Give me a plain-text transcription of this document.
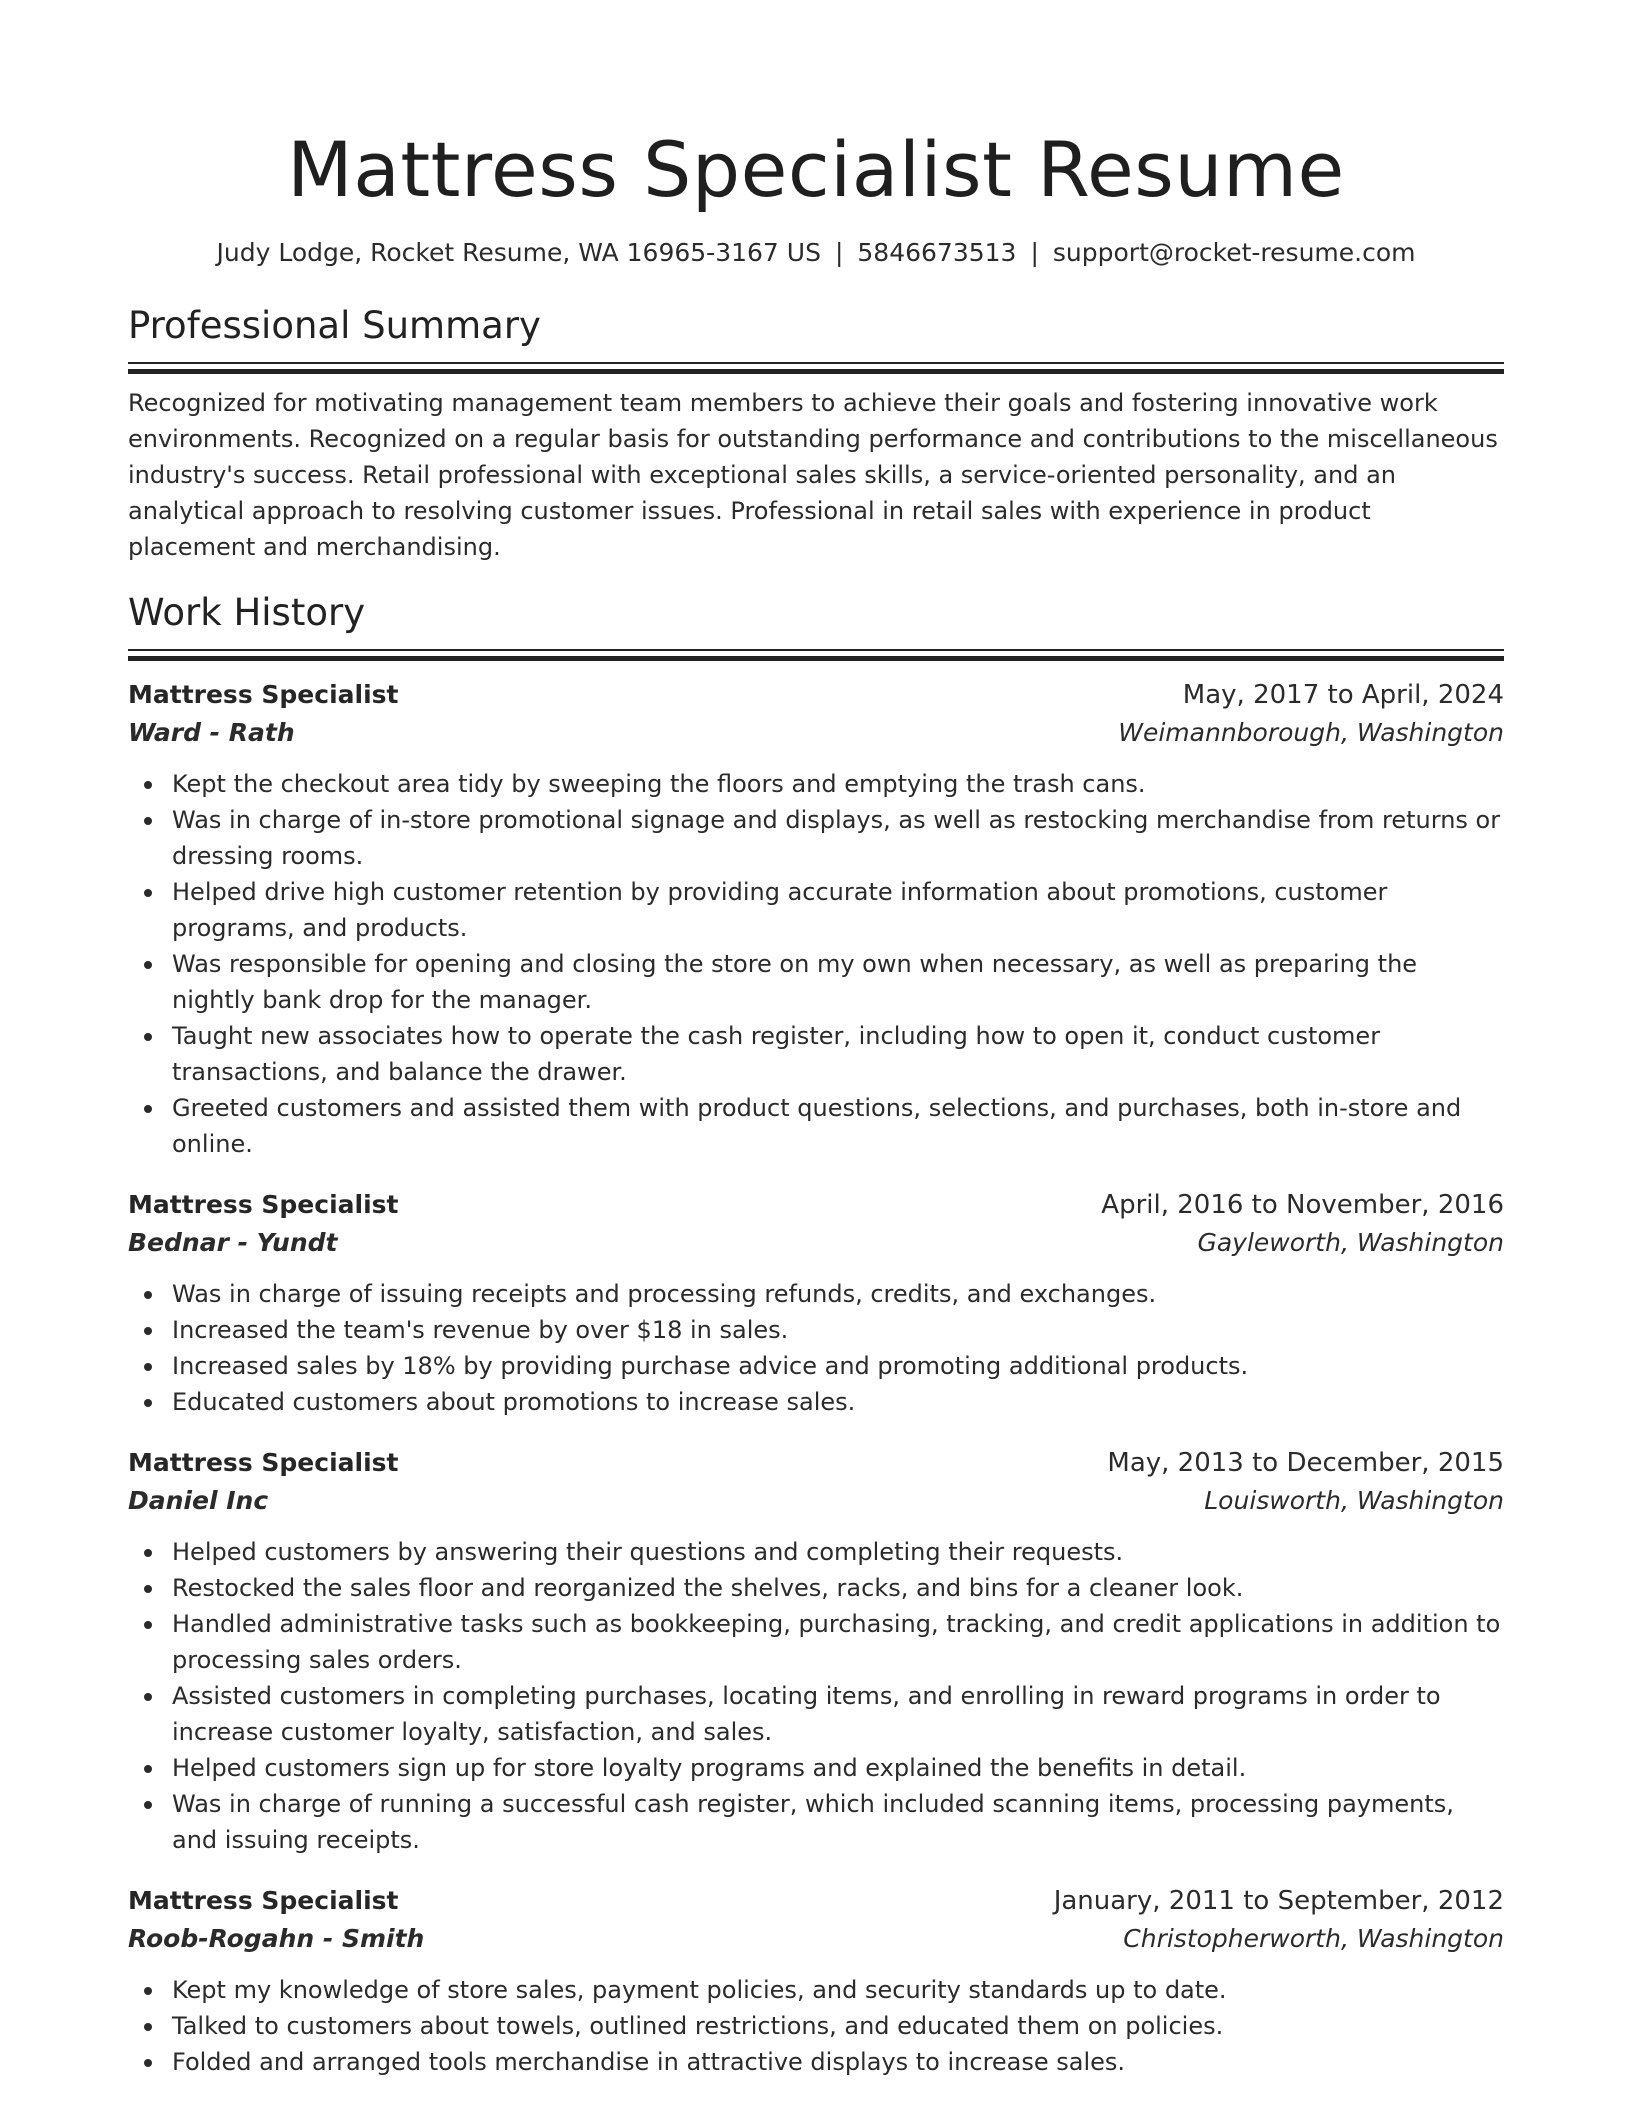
Mattress Specialist Resume
Judy Lodge, Rocket Resume, WA 16965-3167 US | 5846673513 | support@rocket-resume.com
Professional Summary

Recognized for motivating management team members to achieve their goals and fostering innovative work environments. Recognized on a regular basis for outstanding performance and contributions to the miscellaneous industry's success. Retail professional with exceptional sales skills, a service-oriented personality, and an analytical approach to resolving customer issues. Professional in retail sales with experience in product placement and merchandising.

Work History
Mattress Specialist	May, 2017 to April, 2024
Ward - Rath	Weimannborough, Washington
Kept the checkout area tidy by sweeping the floors and emptying the trash cans.
Was in charge of in-store promotional signage and displays, as well as restocking merchandise from returns or dressing rooms.
Helped drive high customer retention by providing accurate information about promotions, customer programs, and products.
Was responsible for opening and closing the store on my own when necessary, as well as preparing the nightly bank drop for the manager.
Taught new associates how to operate the cash register, including how to open it, conduct customer transactions, and balance the drawer.
Greeted customers and assisted them with product questions, selections, and purchases, both in-store and online.
Mattress Specialist	April, 2016 to November, 2016
Bednar - Yundt	Gayleworth, Washington
Was in charge of issuing receipts and processing refunds, credits, and exchanges.
Increased the team's revenue by over $18 in sales.
Increased sales by 18% by providing purchase advice and promoting additional products.
Educated customers about promotions to increase sales.
Mattress Specialist	May, 2013 to December, 2015
Daniel Inc	Louisworth, Washington
Helped customers by answering their questions and completing their requests.
Restocked the sales floor and reorganized the shelves, racks, and bins for a cleaner look.
Handled administrative tasks such as bookkeeping, purchasing, tracking, and credit applications in addition to processing sales orders.
Assisted customers in completing purchases, locating items, and enrolling in reward programs in order to increase customer loyalty, satisfaction, and sales.
Helped customers sign up for store loyalty programs and explained the benefits in detail.
Was in charge of running a successful cash register, which included scanning items, processing payments, and issuing receipts.
Mattress Specialist	January, 2011 to September, 2012
Roob-Rogahn - Smith	Christopherworth, Washington
Kept my knowledge of store sales, payment policies, and security standards up to date.
Talked to customers about towels, outlined restrictions, and educated them on policies.
Folded and arranged tools merchandise in attractive displays to increase sales.
